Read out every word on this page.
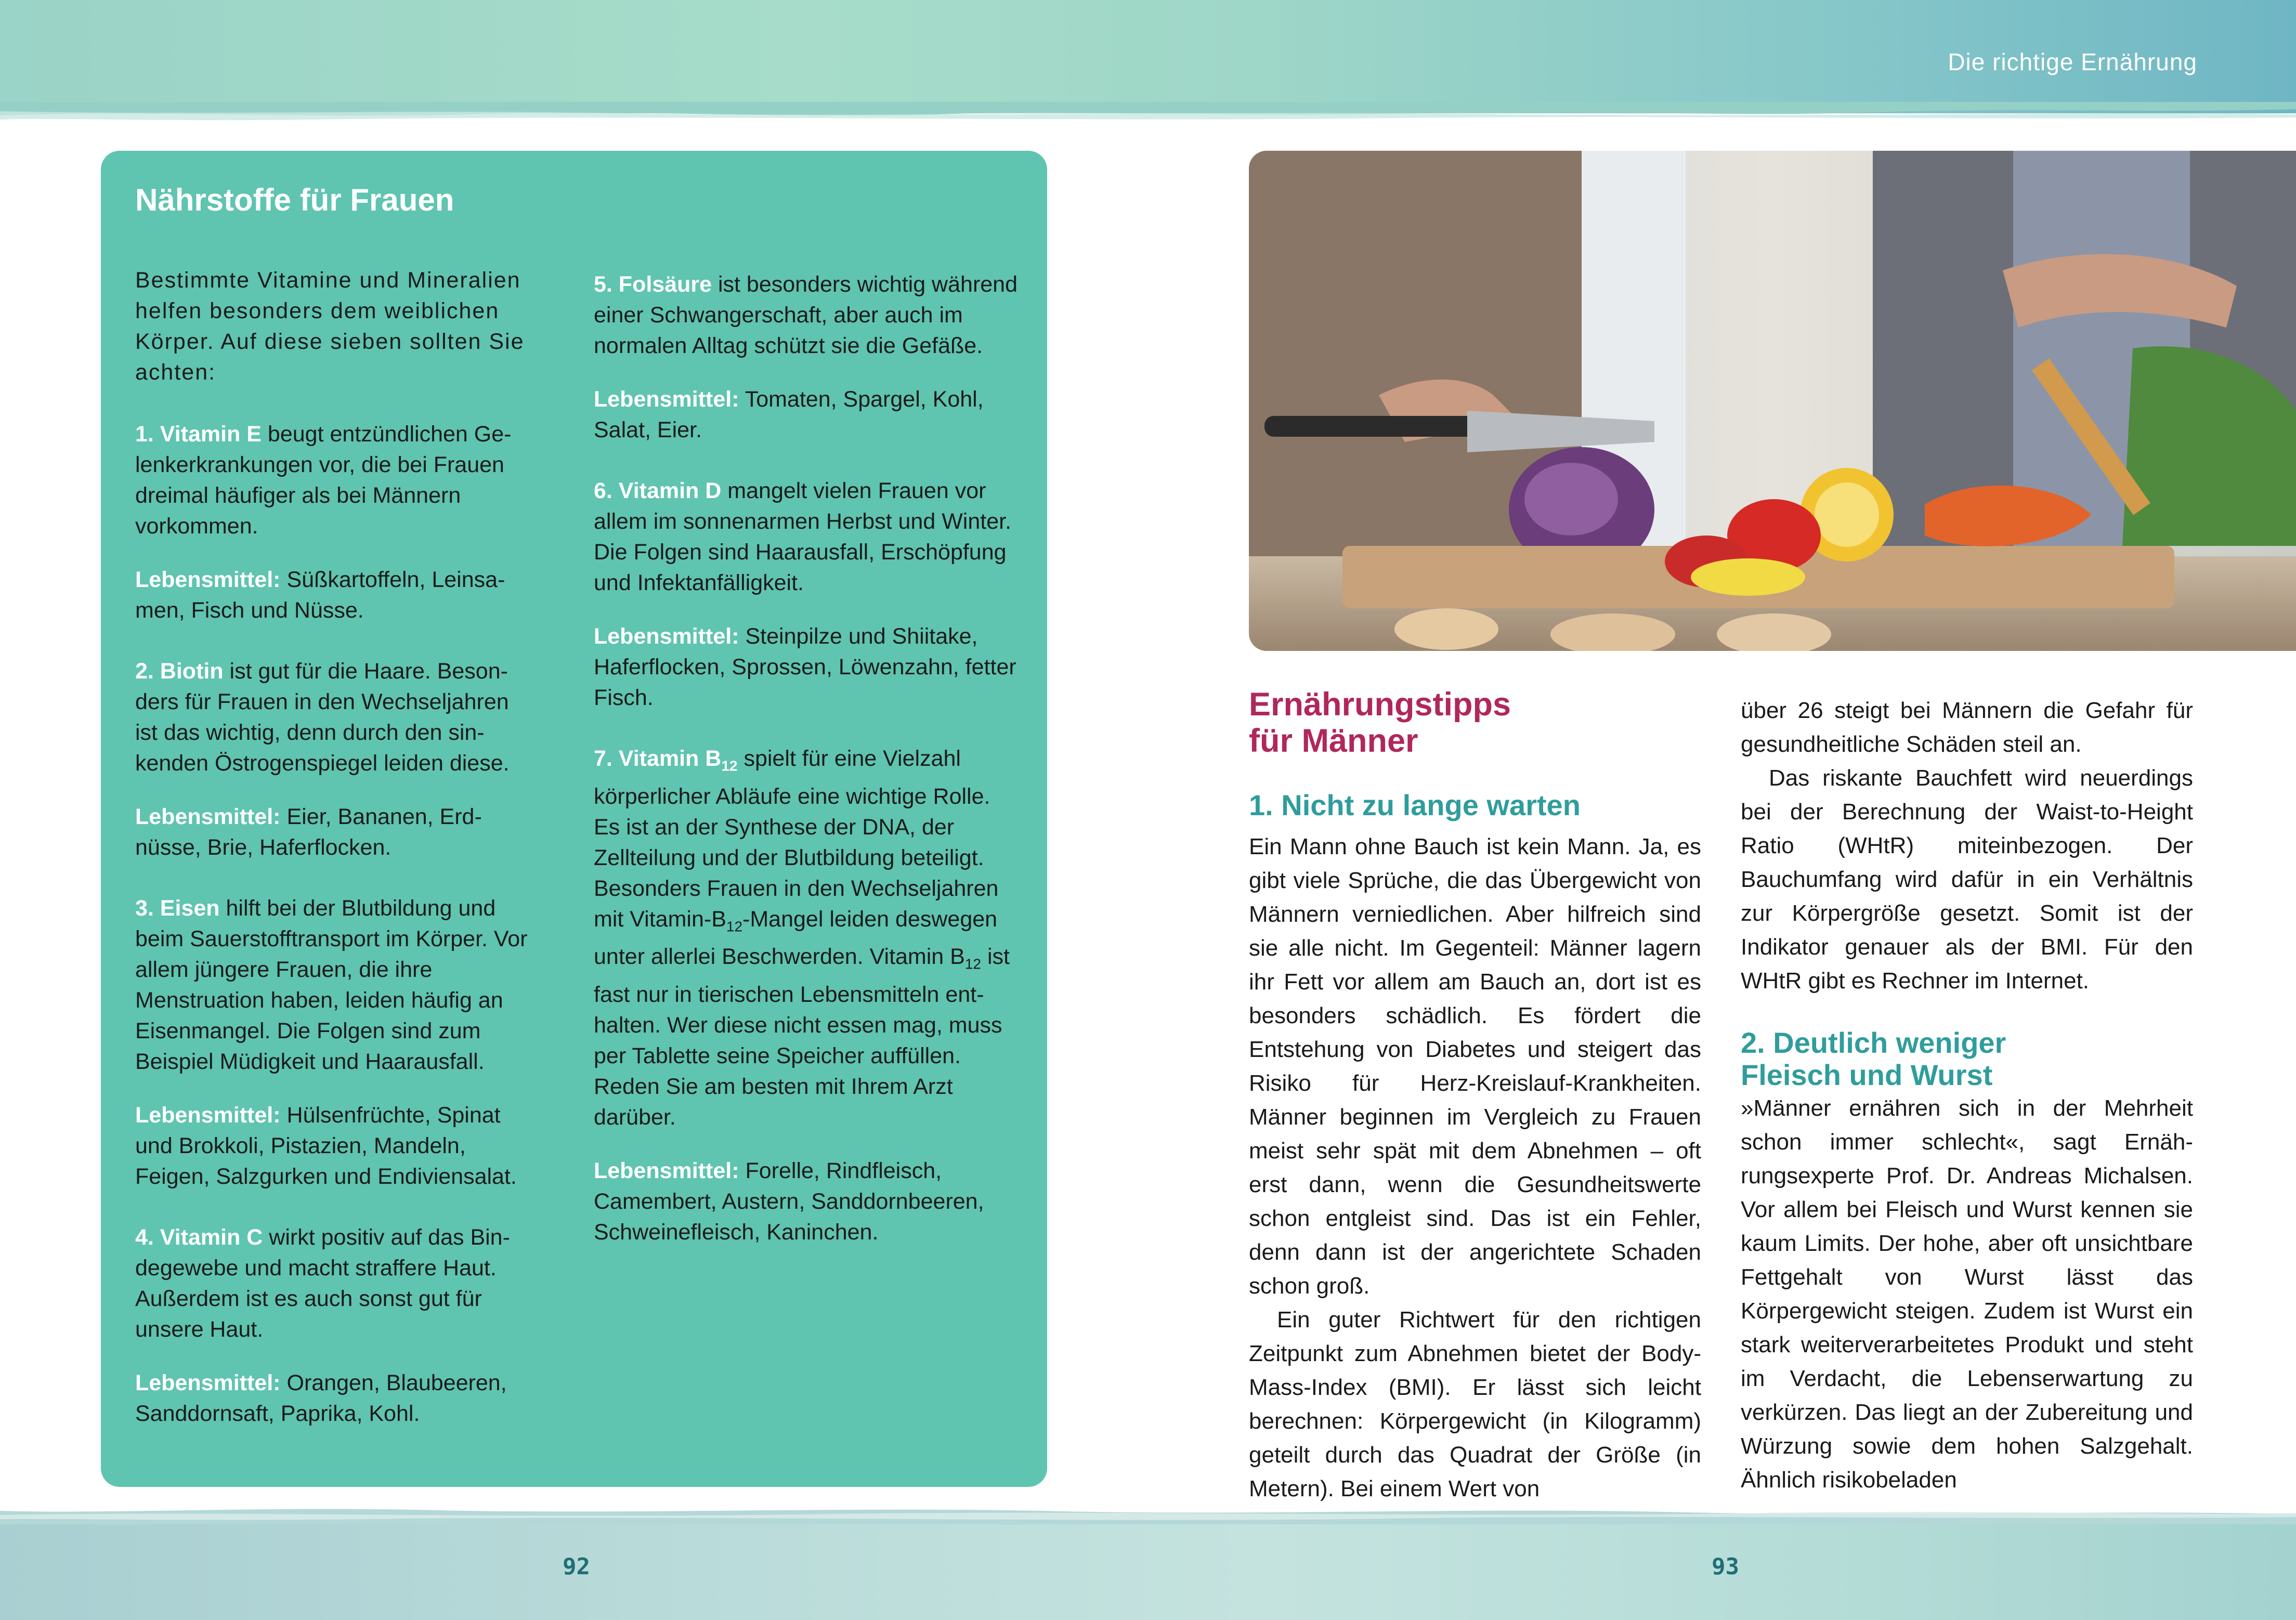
Die richtige Ernährung
92	93
Nährstoffe für Frauen

Bestimmte Vitamine und Mineralien helfen besonders dem weiblichen Körper. Auf diese sieben sollten Sie achten:

1. Vitamin E beugt entzündlichen Gelenkerkrankungen vor, die bei Frauen dreimal häufiger als bei Männern vorkommen.

Lebensmittel: Süßkartoffeln, Leinsamen, Fisch und Nüsse.

2. Biotin ist gut für die Haare. Besonders für Frauen in den Wechseljahren ist das wichtig, denn durch den sinkenden Östrogenspiegel leiden diese.

Lebensmittel: Eier, Bananen, Erdnüsse, Brie, Haferflocken.

3. Eisen hilft bei der Blutbildung und beim Sauerstofftransport im Körper. Vor allem jüngere Frauen, die ihre Menstruation haben, leiden häufig an Eisenmangel. Die Folgen sind zum Beispiel Müdigkeit und Haarausfall.

Lebensmittel: Hülsenfrüchte, Spinat und Brokkoli, Pistazien, Mandeln, Feigen, Salzgurken und Endiviensalat.

4. Vitamin C wirkt positiv auf das Bindegewebe und macht straffere Haut. Außerdem ist es auch sonst gut für unsere Haut.

Lebensmittel: Orangen, Blaubeeren, Sanddornsaft, Paprika, Kohl.

5. Folsäure ist besonders wichtig während einer Schwangerschaft, aber auch im normalen Alltag schützt sie die Gefäße.

Lebensmittel: Tomaten, Spargel, Kohl, Salat, Eier.

6. Vitamin D mangelt vielen Frauen vor allem im sonnenarmen Herbst und Winter. Die Folgen sind Haarausfall, Erschöpfung und Infektanfälligkeit.

Lebensmittel: Steinpilze und Shiitake, Haferflocken, Sprossen, Löwenzahn, fetter Fisch.

7. Vitamin $B_{12}$ spielt für eine Vielzahl körperlicher Abläufe eine wichtige Rolle. Es ist an der Synthese der DNA, der Zellteilung und der Blutbildung beteiligt. Besonders Frauen in den Wechseljahren mit Vitamin-$B_{12}$-Mangel leiden deswegen unter allerlei Beschwerden. Vitamin $B_{12}$ ist fast nur in tierischen Lebensmitteln enthalten. Wer diese nicht essen mag, muss per Tablette seine Speicher auffüllen. Reden Sie am besten mit Ihrem Arzt darüber.

Lebensmittel: Forelle, Rindfleisch, Camembert, Austern, Sanddornbeeren, Schweinefleisch, Kaninchen.

Ernährungstipps
für Männer
1. Nicht zu lange warten

Ein Mann ohne Bauch ist kein Mann. Ja, es gibt viele Sprüche, die das Übergewicht von Männern verniedlichen. Aber hilfreich sind sie alle nicht. Im Gegenteil: Männer lagern ihr Fett vor allem am Bauch an, dort ist es besonders schädlich. Es fördert die Entstehung von Diabetes und steigert das Risiko für Herz-Kreislauf-Krankheiten. Männer beginnen im Vergleich zu Frauen meist sehr spät mit dem Abnehmen – oft erst dann, wenn die Gesundheitswerte schon entgleist sind. Das ist ein Fehler, denn dann ist der angerichtete Schaden schon groß.

Ein guter Richtwert für den richtigen Zeitpunkt zum Abnehmen bietet der Body-Mass-Index (BMI). Er lässt sich leicht berechnen: Körpergewicht (in Kilogramm) geteilt durch das Quadrat der Größe (in Metern). Bei einem Wert von

über 26 steigt bei Männern die Gefahr für gesundheitliche Schäden steil an.

Das riskante Bauchfett wird neuerdings bei der Berechnung der Waist-to-Height Ratio (WHtR) miteinbezogen. Der Bauchumfang wird dafür in ein Verhältnis zur Körpergröße gesetzt. Somit ist der Indikator genauer als der BMI. Für den WHtR gibt es Rechner im Internet.

2. Deutlich weniger
Fleisch und Wurst

»Männer ernähren sich in der Mehrheit schon immer schlecht«, sagt Ernährungsexperte Prof. Dr. Andreas Michalsen. Vor allem bei Fleisch und Wurst kennen sie kaum Limits. Der hohe, aber oft unsichtbare Fettgehalt von Wurst lässt das Körpergewicht steigen. Zudem ist Wurst ein stark weiterverarbeitetes Produkt und steht im Verdacht, die Lebenserwartung zu verkürzen. Das liegt an der Zubereitung und Würzung sowie dem hohen Salzgehalt. Ähnlich risikobeladen
